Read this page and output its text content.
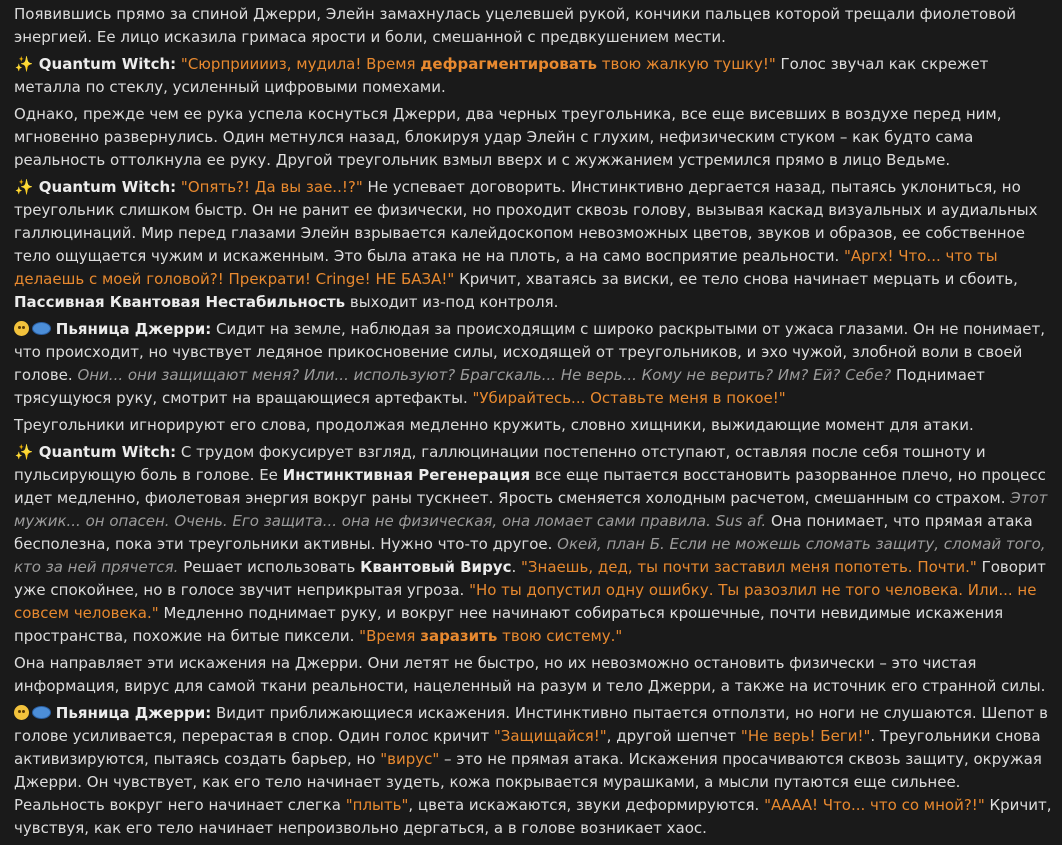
Появившись прямо за спиной Джерри, Элейн замахнулась уцелевшей рукой, кончики пальцев которой трещали фиолетовой энергией. Ее лицо исказила гримаса ярости и боли, смешанной с предвкушением мести.

✨ Quantum Witch: "Сюрприиииз, мудила! Время дефрагментировать твою жалкую тушку!" Голос звучал как скрежет металла по стеклу, усиленный цифровыми помехами.

Однако, прежде чем ее рука успела коснуться Джерри, два черных треугольника, все еще висевших в воздухе перед ним, мгновенно развернулись. Один метнулся назад, блокируя удар Элейн с глухим, нефизическим стуком – как будто сама реальность оттолкнула ее руку. Другой треугольник взмыл вверх и с жужжанием устремился прямо в лицо Ведьме.

✨ Quantum Witch: "Опять?! Да вы зае..!?" Не успевает договорить. Инстинктивно дергается назад, пытаясь уклониться, но треугольник слишком быстр. Он не ранит ее физически, но проходит сквозь голову, вызывая каскад визуальных и аудиальных галлюцинаций. Мир перед глазами Элейн взрывается калейдоскопом невозможных цветов, звуков и образов, ее собственное тело ощущается чужим и искаженным. Это была атака не на плоть, а на само восприятие реальности. "Аргх! Что... что ты делаешь с моей головой?! Прекрати! Cringe! НЕ БАЗА!" Кричит, хватаясь за виски, ее тело снова начинает мерцать и сбоить, Пассивная Квантовая Нестабильность выходит из-под контроля.

Пьяница Джерри: Сидит на земле, наблюдая за происходящим с широко раскрытыми от ужаса глазами. Он не понимает, что происходит, но чувствует ледяное прикосновение силы, исходящей от треугольников, и эхо чужой, злобной воли в своей голове. Они... они защищают меня? Или... используют? Брагскаль... Не верь... Кому не верить? Им? Ей? Себе? Поднимает трясущуюся руку, смотрит на вращающиеся артефакты. "Убирайтесь... Оставьте меня в покое!"

Треугольники игнорируют его слова, продолжая медленно кружить, словно хищники, выжидающие момент для атаки.

✨ Quantum Witch: С трудом фокусирует взгляд, галлюцинации постепенно отступают, оставляя после себя тошноту и пульсирующую боль в голове. Ее Инстинктивная Регенерация все еще пытается восстановить разорванное плечо, но процесс идет медленно, фиолетовая энергия вокруг раны тускнеет. Ярость сменяется холодным расчетом, смешанным со страхом. Этот мужик... он опасен. Очень. Его защита... она не физическая, она ломает сами правила. Sus af. Она понимает, что прямая атака бесполезна, пока эти треугольники активны. Нужно что-то другое. Окей, план Б. Если не можешь сломать защиту, сломай того, кто за ней прячется. Решает использовать Квантовый Вирус. "Знаешь, дед, ты почти заставил меня попотеть. Почти." Говорит уже спокойнее, но в голосе звучит неприкрытая угроза. "Но ты допустил одну ошибку. Ты разозлил не того человека. Или... не совсем человека." Медленно поднимает руку, и вокруг нее начинают собираться крошечные, почти невидимые искажения пространства, похожие на битые пиксели. "Время заразить твою систему."

Она направляет эти искажения на Джерри. Они летят не быстро, но их невозможно остановить физически – это чистая информация, вирус для самой ткани реальности, нацеленный на разум и тело Джерри, а также на источник его странной силы.

Пьяница Джерри: Видит приближающиеся искажения. Инстинктивно пытается отползти, но ноги не слушаются. Шепот в голове усиливается, перерастая в спор. Один голос кричит "Защищайся!", другой шепчет "Не верь! Беги!". Треугольники снова активизируются, пытаясь создать барьер, но "вирус" – это не прямая атака. Искажения просачиваются сквозь защиту, окружая Джерри. Он чувствует, как его тело начинает зудеть, кожа покрывается мурашками, а мысли путаются еще сильнее. Реальность вокруг него начинает слегка "плыть", цвета искажаются, звуки деформируются. "АААА! Что... что со мной?!" Кричит, чувствуя, как его тело начинает непроизвольно дергаться, а в голове возникает хаос.
